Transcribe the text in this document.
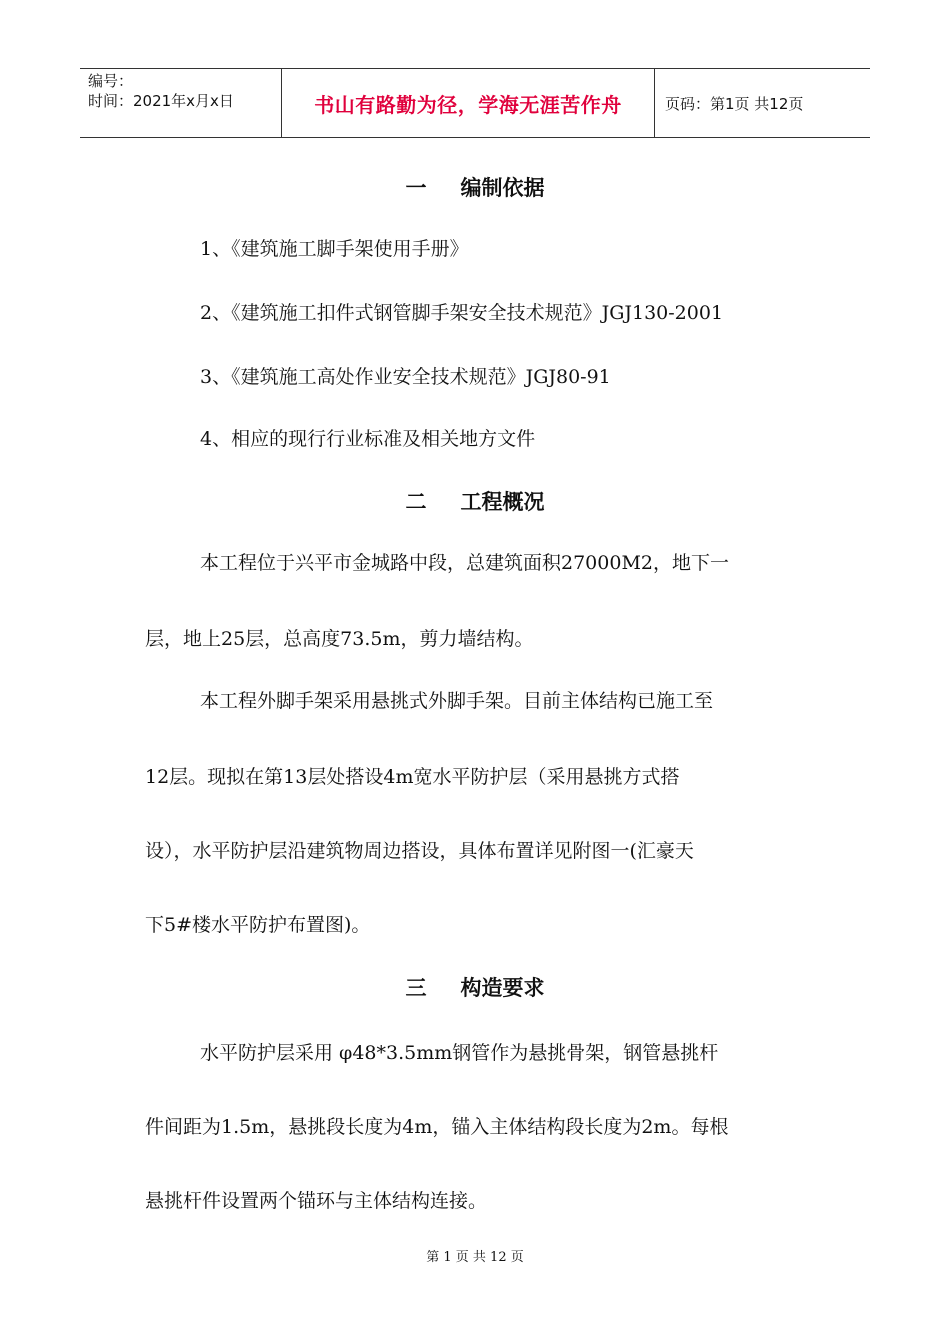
编号：
时间：2021年x月x日	书山有路勤为径，学海无涯苦作舟	页码：第1页 共12页
一 编制依据
1、《建筑施工脚手架使用手册》
2、《建筑施工扣件式钢管脚手架安全技术规范》JGJ130-2001
3、《建筑施工高处作业安全技术规范》JGJ80-91
4、相应的现行行业标准及相关地方文件
二 工程概况
本工程位于兴平市金城路中段，总建筑面积27000M2，地下一
层，地上25层，总高度73.5m，剪力墙结构。
本工程外脚手架采用悬挑式外脚手架。目前主体结构已施工至
12层。现拟在第13层处搭设4m宽水平防护层（采用悬挑方式搭
设），水平防护层沿建筑物周边搭设，具体布置详见附图一(汇豪天
下5#楼水平防护布置图)。
三 构造要求
水平防护层采用 φ48*3.5mm钢管作为悬挑骨架，钢管悬挑杆
件间距为1.5m，悬挑段长度为4m，锚入主体结构段长度为2m。每根
悬挑杆件设置两个锚环与主体结构连接。
第 1 页 共 12 页
